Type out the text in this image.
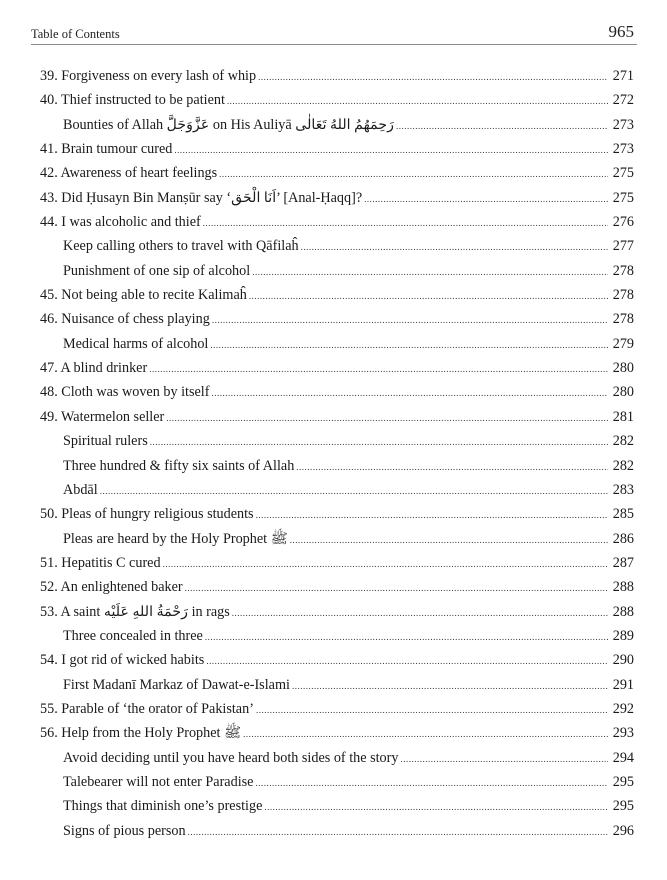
Table of Contents	965
39. Forgiveness on every lash of whip .....	271
40. Thief instructed to be patient .....	272
Bounties of Allah عَزَّوَجَلَّ on His Auliyā رَحِمَهُمُ اللهُ تَعَالٰی .....	273
41. Brain tumour cured .....	273
42. Awareness of heart feelings .....	275
43. Did Ḥusayn Bin Manṣūr say ‘اَنَا الْحَق’ [Anal-Ḥaqq]? .....	275
44. I was alcoholic and thief .....	276
Keep calling others to travel with Qāfilaĥ .....	277
Punishment of one sip of alcohol .....	278
45. Not being able to recite Kalimaĥ .....	278
46. Nuisance of chess playing .....	278
Medical harms of alcohol .....	279
47. A blind drinker .....	280
48. Cloth was woven by itself .....	280
49. Watermelon seller .....	281
Spiritual rulers .....	282
Three hundred & fifty six saints of Allah .....	282
Abdāl .....	283
50. Pleas of hungry religious students .....	285
Pleas are heard by the Holy Prophet ﷺ .....	286
51. Hepatitis C cured .....	287
52. An enlightened baker .....	288
53. A saint رَحْمَةُ اللهِ عَلَيْه in rags .....	288
Three concealed in three .....	289
54. I got rid of wicked habits .....	290
First Madanī Markaz of Dawat-e-Islami .....	291
55. Parable of ‘the orator of Pakistan’ .....	292
56. Help from the Holy Prophet ﷺ .....	293
Avoid deciding until you have heard both sides of the story .....	294
Talebearer will not enter Paradise .....	295
Things that diminish one’s prestige .....	295
Signs of pious person .....	296
